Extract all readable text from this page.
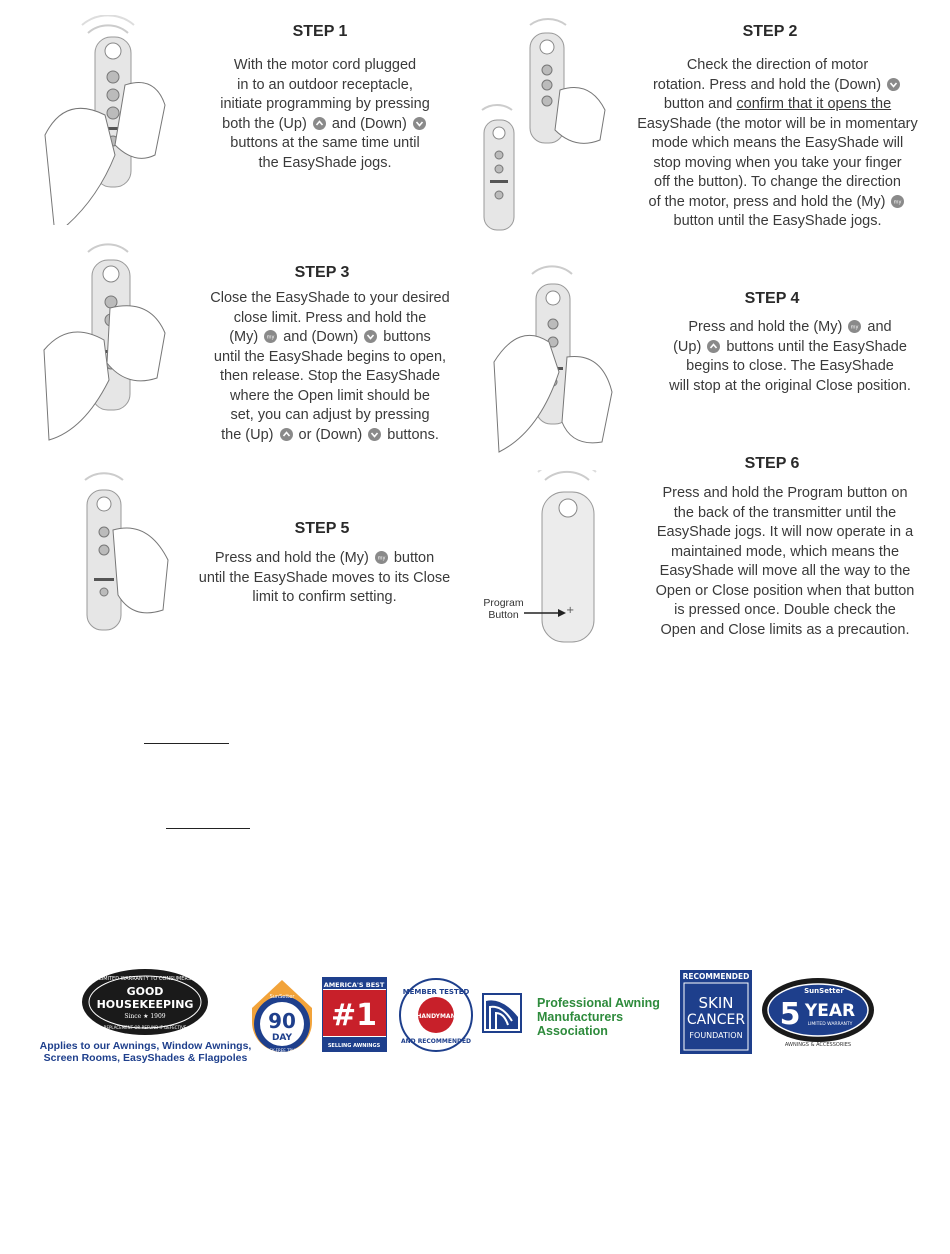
STEP 1
With the motor cord plugged
in to an outdoor receptacle,
initiate programming by pressing
both the (Up)
and (Down)
buttons at the same time until
the EasyShade jogs.
STEP 2
Check the direction of motor
rotation. Press and hold the (Down)
button and confirm that it opens the
EasyShade (the motor will be in momentary
mode which means the EasyShade will
stop moving when you take your finger
off the button). To change the direction
of the motor, press and hold the (My) my
button until the EasyShade jogs.
STEP 3
Close the EasyShade to your desired
close limit. Press and hold the
(My) my and (Down)
buttons
until the EasyShade begins to open,
then release. Stop the EasyShade
where the Open limit should be
set, you can adjust by pressing
the (Up)
or (Down)
buttons.
STEP 4
Press and hold the (My) my and
(Up)
buttons until the EasyShade
begins to close. The EasyShade
will stop at the original Close position.
STEP 5
Press and hold the (My) my button
until the EasyShade moves to its Close
limit to confirm setting.
+
Program
Button
STEP 6
Press and hold the Program button on
the back of the transmitter until the
EasyShade jogs. It will now operate in a
maintained mode, which means the
EasyShade will move all the way to the
Open or Close position when that button
is pressed once. Double check the
Open and Close limits as a precaution.
LIMITED WARRANTY TO CONSUMERS
GOOD
HOUSEKEEPING
Since ★ 1909
REPLACEMENT OR REFUND IF DEFECTIVE
Applies to our Awnings, Window Awnings,
Screen Rooms, EasyShades & Flagpoles
SunSetter
90
DAY
RISK-FREE TRIAL
AMERICA'S BEST
#1
SELLING AWNINGS
MEMBER TESTED
HANDYMAN
AND RECOMMENDED
Professional Awning
Manufacturers Association
RECOMMENDED
SKIN
CANCER
FOUNDATION
SunSetter
5 YEAR
LIMITED WARRANTY
AWNINGS & ACCESSORIES
